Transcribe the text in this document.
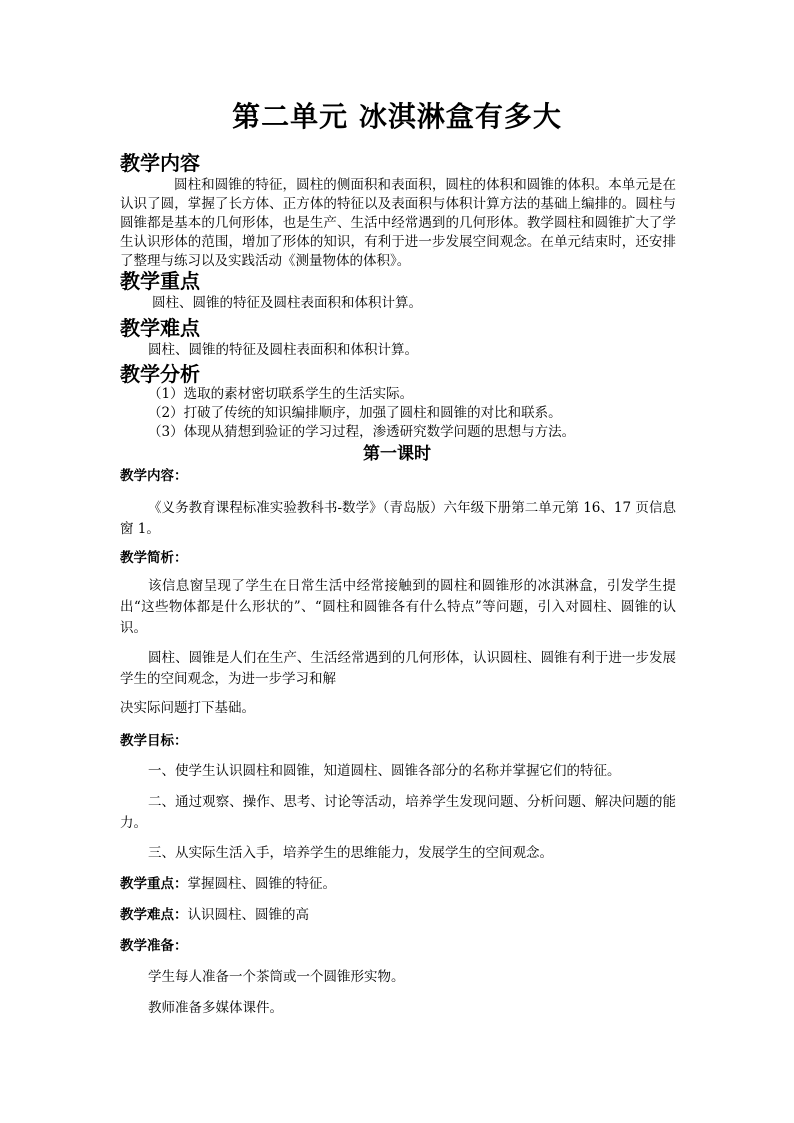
第二单元 冰淇淋盒有多大
教学内容

圆柱和圆锥的特征，圆柱的侧面积和表面积，圆柱的体积和圆锥的体积。本单元是在认识了圆，掌握了长方体、正方体的特征以及表面积与体积计算方法的基础上编排的。圆柱与圆锥都是基本的几何形体，也是生产、生活中经常遇到的几何形体。教学圆柱和圆锥扩大了学生认识形体的范围，增加了形体的知识，有利于进一步发展空间观念。在单元结束时，还安排了整理与练习以及实践活动《测量物体的体积》。

教学重点

圆柱、圆锥的特征及圆柱表面积和体积计算。

教学难点

圆柱、圆锥的特征及圆柱表面积和体积计算。

教学分析

（1）选取的素材密切联系学生的生活实际。

（2）打破了传统的知识编排顺序，加强了圆柱和圆锥的对比和联系。

（3）体现从猜想到验证的学习过程，渗透研究数学问题的思想与方法。

第一课时

教学内容：

《义务教育课程标准实验教科书-数学》（青岛版）六年级下册第二单元第 16、17 页信息窗 1。

教学简析：

该信息窗呈现了学生在日常生活中经常接触到的圆柱和圆锥形的冰淇淋盒，引发学生提出“这些物体都是什么形状的”、“圆柱和圆锥各有什么特点”等问题，引入对圆柱、圆锥的认识。

圆柱、圆锥是人们在生产、生活经常遇到的几何形体，认识圆柱、圆锥有利于进一步发展学生的空间观念，为进一步学习和解

决实际问题打下基础。

教学目标：

一、使学生认识圆柱和圆锥，知道圆柱、圆锥各部分的名称并掌握它们的特征。

二、通过观察、操作、思考、讨论等活动，培养学生发现问题、分析问题、解决问题的能力。

三、从实际生活入手，培养学生的思维能力，发展学生的空间观念。

教学重点：掌握圆柱、圆锥的特征。

教学难点：认识圆柱、圆锥的高

教学准备：

学生每人准备一个茶筒或一个圆锥形实物。

教师准备多媒体课件。
